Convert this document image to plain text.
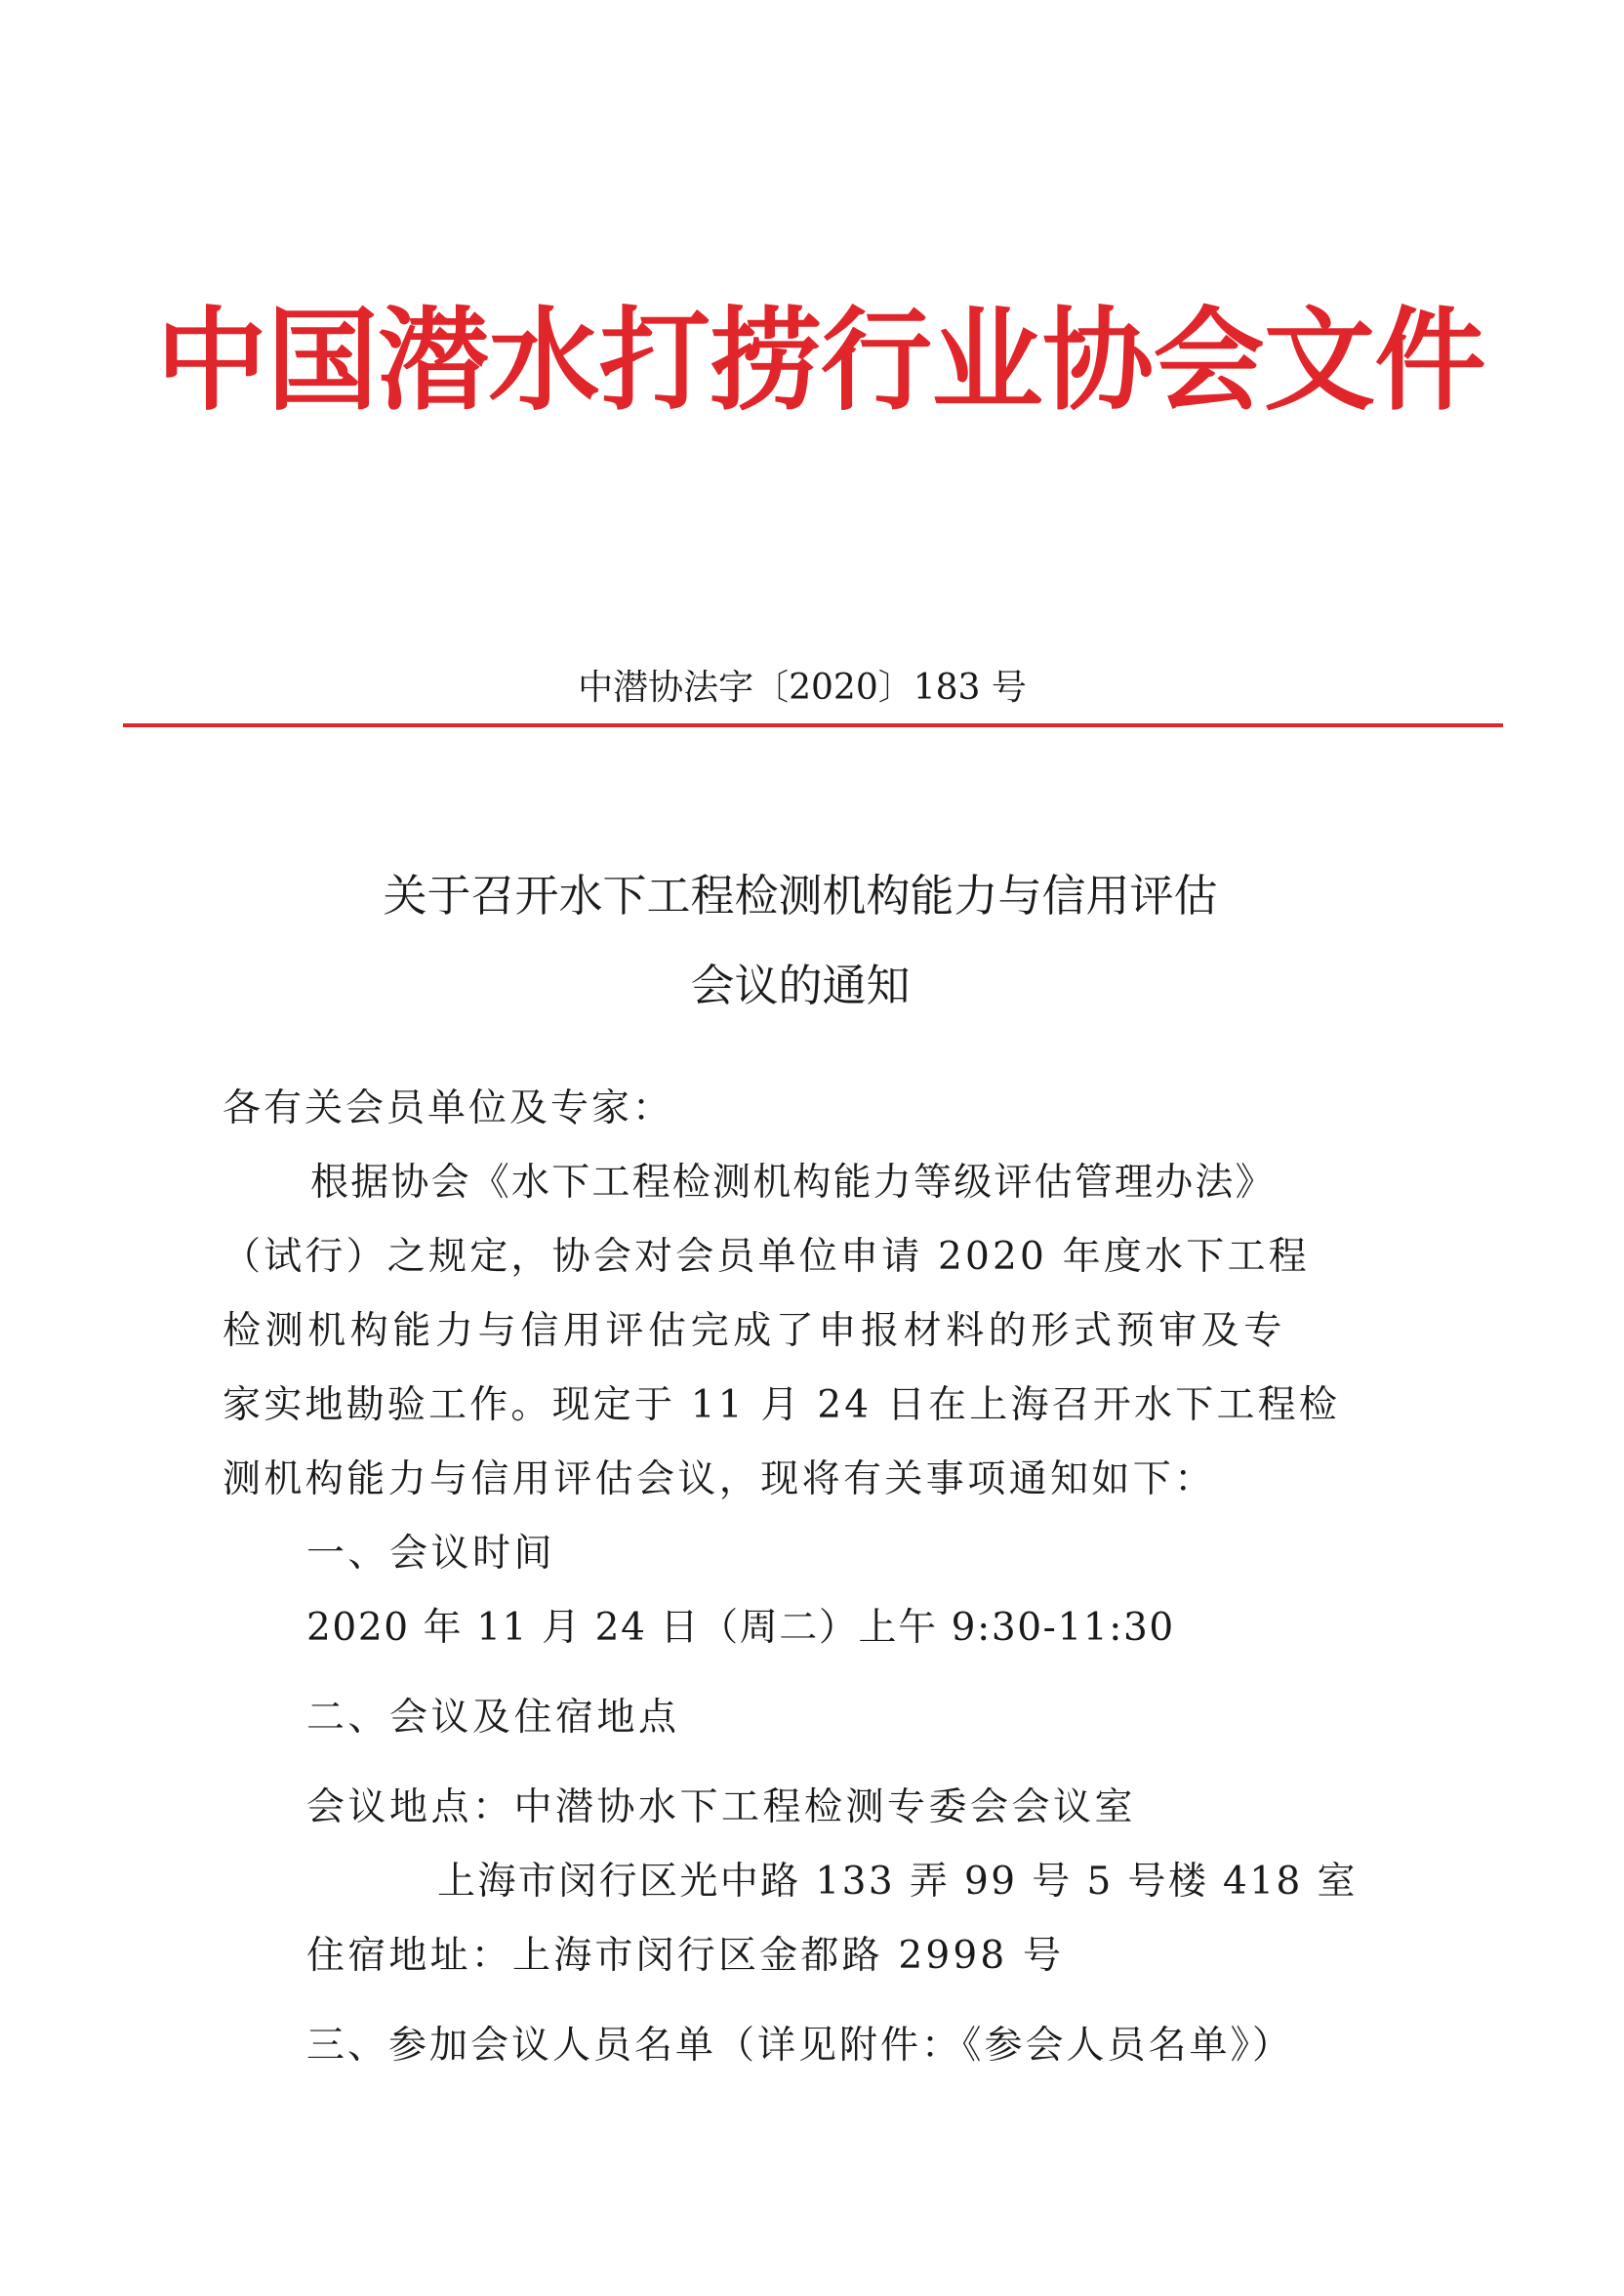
中国潜水打捞行业协会文件
中潜协法字〔2020〕183 号
关于召开水下工程检测机构能力与信用评估
会议的通知
各有关会员单位及专家：
根据协会《水下工程检测机构能力等级评估管理办法》
（试行）之规定，协会对会员单位申请 2020 年度水下工程
检测机构能力与信用评估完成了申报材料的形式预审及专
家实地勘验工作。现定于 11 月 24 日在上海召开水下工程检
测机构能力与信用评估会议，现将有关事项通知如下：
一、会议时间
2020 年 11 月 24 日（周二）上午 9:30-11:30
二、会议及住宿地点
会议地点：中潜协水下工程检测专委会会议室
上海市闵行区光中路 133 弄 99 号 5 号楼 418 室
住宿地址：上海市闵行区金都路 2998 号
三、参加会议人员名单（详见附件：《参会人员名单》）
